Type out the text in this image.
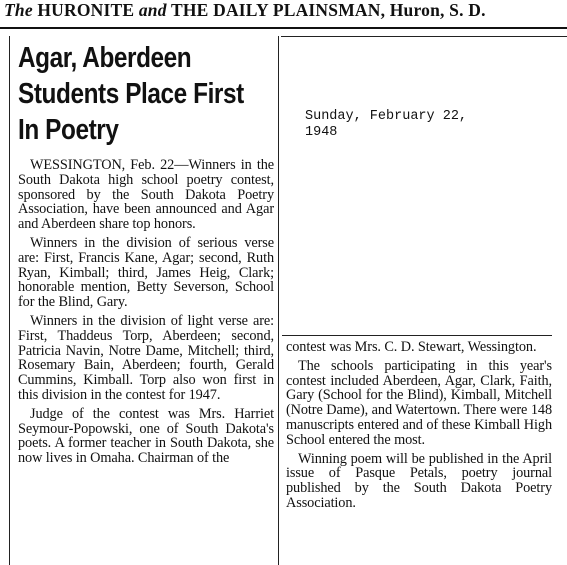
The HURONITE and THE DAILY PLAINSMAN, Huron, S. D.
Agar, Aberdeen Students Place First In Poetry

WESSINGTON, Feb. 22—Winners in the South Dakota high school poetry contest, sponsored by the South Dakota Poetry Association, have been announced and Agar and Aberdeen share top honors.

Winners in the division of serious verse are: First, Francis Kane, Agar; second, Ruth Ryan, Kimball; third, James Heig, Clark; honorable mention, Betty Severson, School for the Blind, Gary.

Winners in the division of light verse are: First, Thaddeus Torp, Aberdeen; second, Patricia Navin, Notre Dame, Mitchell; third, Rosemary Bain, Aberdeen; fourth, Gerald Cummins, Kimball. Torp also won first in this division in the contest for 1947.

Judge of the contest was Mrs. Harriet Seymour-Popowski, one of South Dakota's poets. A former teacher in South Dakota, she now lives in Omaha. Chairman of the

Sunday, February 22,
1948

contest was Mrs. C. D. Stewart, Wessington.

The schools participating in this year's contest included Aberdeen, Agar, Clark, Faith, Gary (School for the Blind), Kimball, Mitchell (Notre Dame), and Watertown. There were 148 manuscripts entered and of these Kimball High School entered the most.

Winning poem will be published in the April issue of Pasque Petals, poetry journal published by the South Dakota Poetry Association.
